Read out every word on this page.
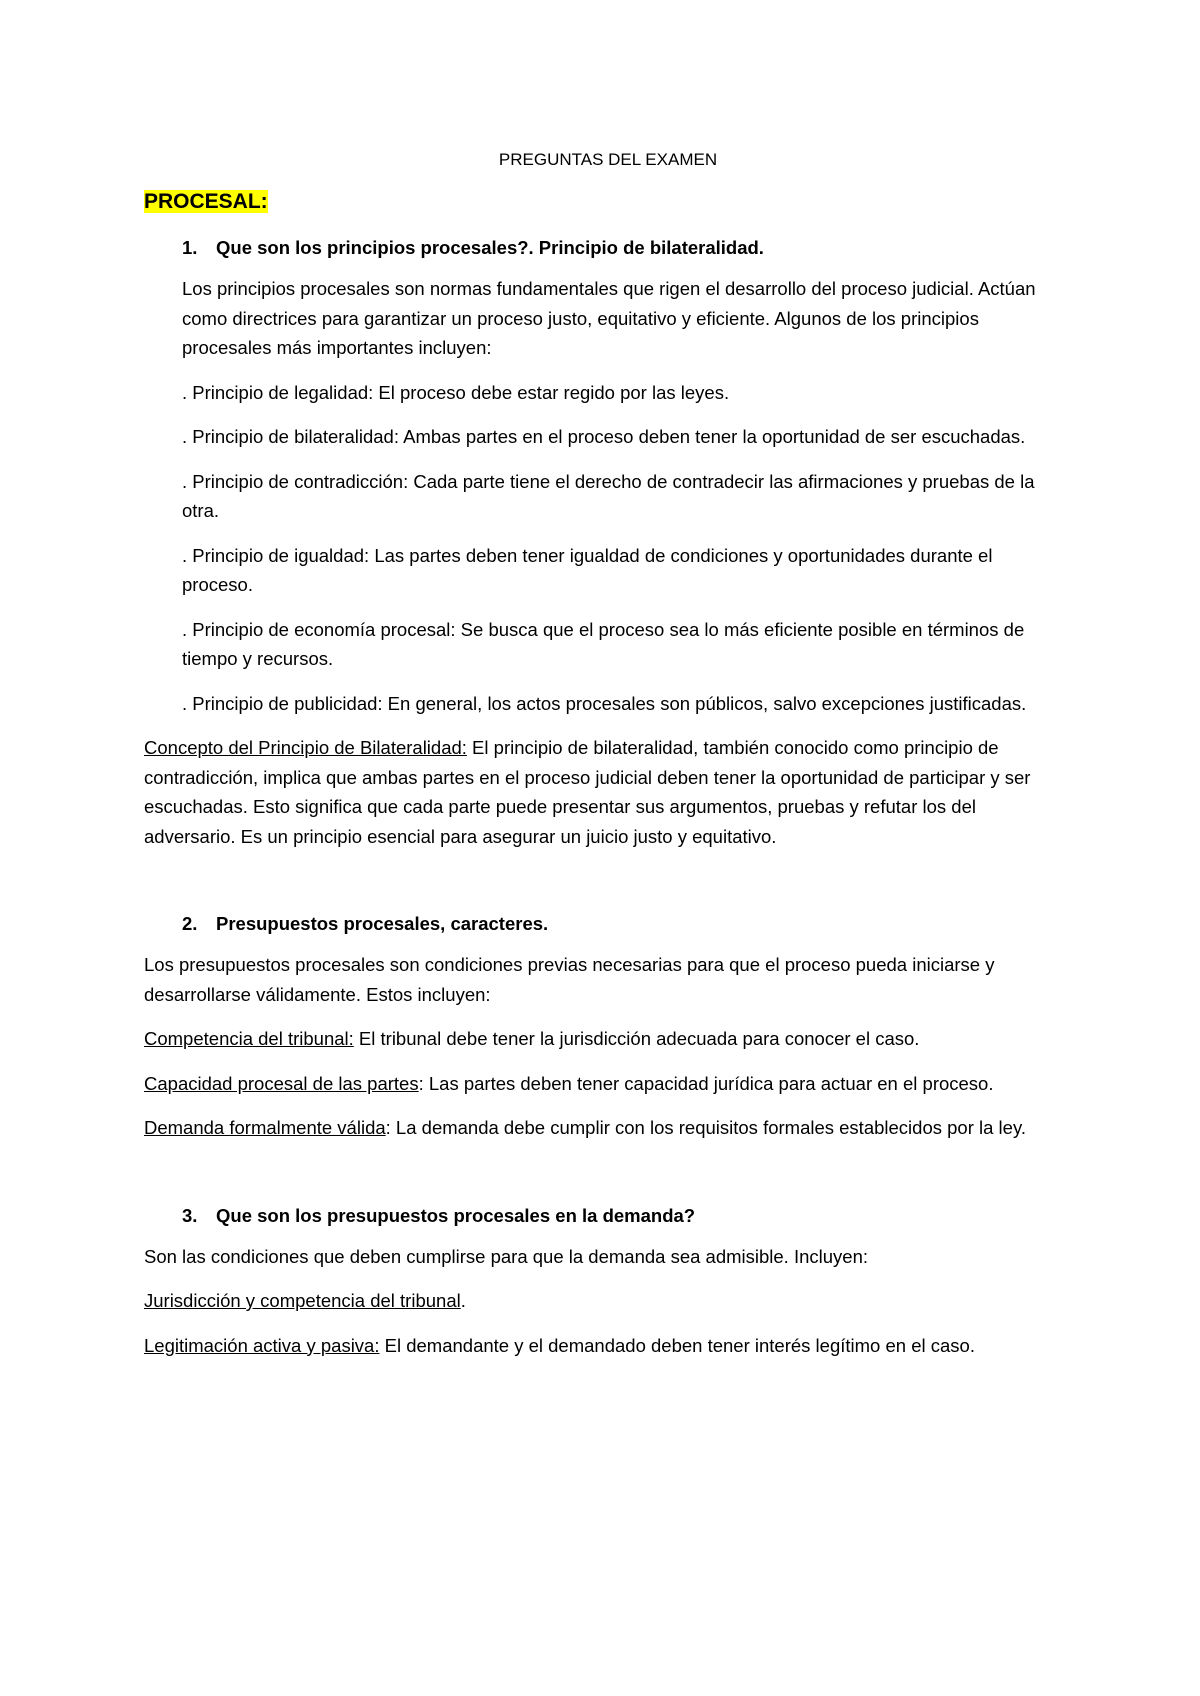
PREGUNTAS DEL EXAMEN
PROCESAL:
1.	Que son los principios procesales?. Principio de bilateralidad.

Los principios procesales son normas fundamentales que rigen el desarrollo del proceso judicial. Actúan como directrices para garantizar un proceso justo, equitativo y eficiente. Algunos de los principios procesales más importantes incluyen:

. Principio de legalidad: El proceso debe estar regido por las leyes.

. Principio de bilateralidad: Ambas partes en el proceso deben tener la oportunidad de ser escuchadas.

. Principio de contradicción: Cada parte tiene el derecho de contradecir las afirmaciones y pruebas de la otra.

. Principio de igualdad: Las partes deben tener igualdad de condiciones y oportunidades durante el proceso.

. Principio de economía procesal: Se busca que el proceso sea lo más eficiente posible en términos de tiempo y recursos.

. Principio de publicidad: En general, los actos procesales son públicos, salvo excepciones justificadas.

Concepto del Principio de Bilateralidad: El principio de bilateralidad, también conocido como principio de contradicción, implica que ambas partes en el proceso judicial deben tener la oportunidad de participar y ser escuchadas. Esto significa que cada parte puede presentar sus argumentos, pruebas y refutar los del adversario. Es un principio esencial para asegurar un juicio justo y equitativo.

2.	Presupuestos procesales, caracteres.

Los presupuestos procesales son condiciones previas necesarias para que el proceso pueda iniciarse y desarrollarse válidamente. Estos incluyen:

Competencia del tribunal: El tribunal debe tener la jurisdicción adecuada para conocer el caso.

Capacidad procesal de las partes: Las partes deben tener capacidad jurídica para actuar en el proceso.

Demanda formalmente válida: La demanda debe cumplir con los requisitos formales establecidos por la ley.

3.	Que son los presupuestos procesales en la demanda?

Son las condiciones que deben cumplirse para que la demanda sea admisible. Incluyen:

Jurisdicción y competencia del tribunal.

Legitimación activa y pasiva: El demandante y el demandado deben tener interés legítimo en el caso.
